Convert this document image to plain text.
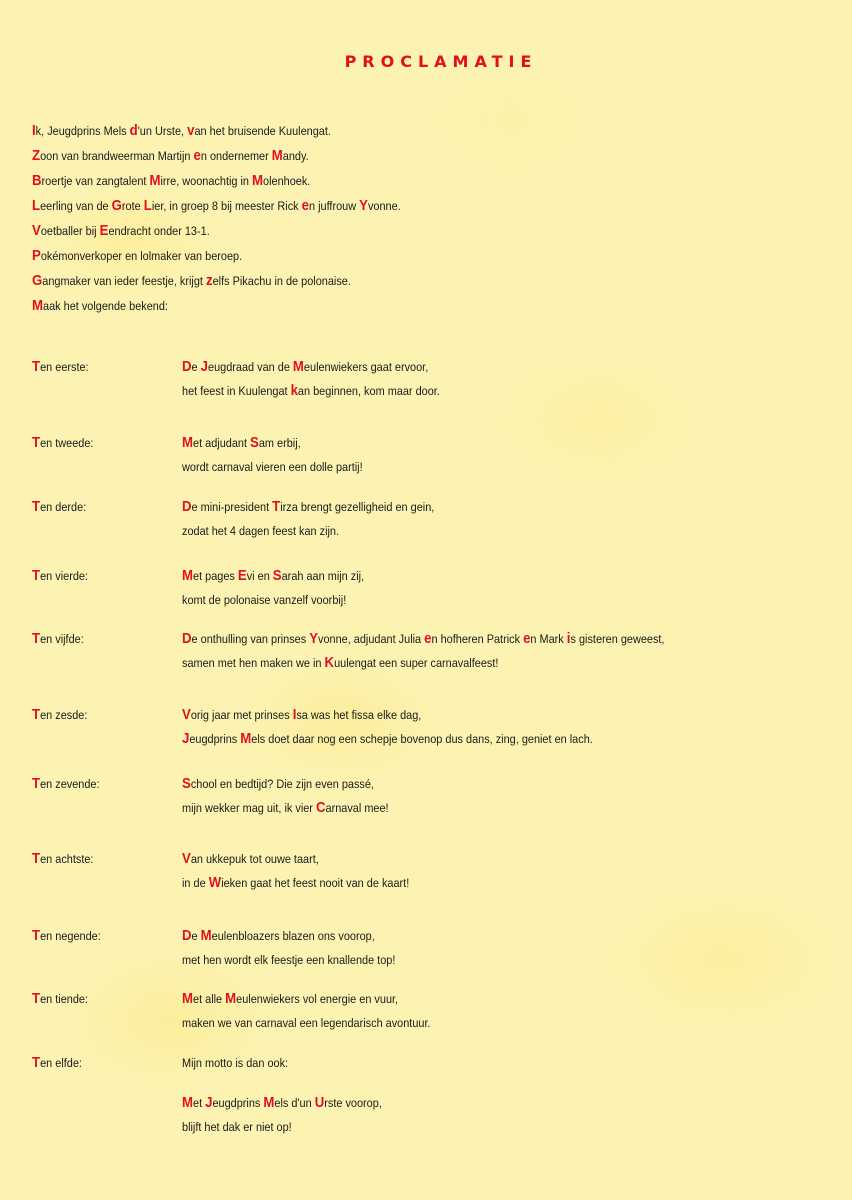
PROCLAMATIE
Ik, Jeugdprins Mels d'un Urste, van het bruisende Kuulengat.
Zoon van brandweerman Martijn en ondernemer Mandy.
Broertje van zangtalent Mirre, woonachtig in Molenhoek.
Leerling van de Grote Lier, in groep 8 bij meester Rick en juffrouw Yvonne.
Voetballer bij Eendracht onder 13-1.
Pokémonverkoper en lolmaker van beroep.
Gangmaker van ieder feestje, krijgt zelfs Pikachu in de polonaise.
Maak het volgende bekend:
Ten eerste:	De Jeugdraad van de Meulenwiekers gaat ervoor,
het feest in Kuulengat kan beginnen, kom maar door.
Ten tweede:	Met adjudant Sam erbij,
wordt carnaval vieren een dolle partij!
Ten derde:	De mini-president Tirza brengt gezelligheid en gein,
zodat het 4 dagen feest kan zijn.
Ten vierde:	Met pages Evi en Sarah aan mijn zij,
komt de polonaise vanzelf voorbij!
Ten vijfde:	De onthulling van prinses Yvonne, adjudant Julia en hofheren Patrick en Mark is gisteren geweest,
samen met hen maken we in Kuulengat een super carnavalfeest!
Ten zesde:	Vorig jaar met prinses Isa was het fissa elke dag,
Jeugdprins Mels doet daar nog een schepje bovenop dus dans, zing, geniet en lach.
Ten zevende:	School en bedtijd? Die zijn even passé,
mijn wekker mag uit, ik vier Carnaval mee!
Ten achtste:	Van ukkepuk tot ouwe taart,
in de Wieken gaat het feest nooit van de kaart!
Ten negende:	De Meulenbloazers blazen ons voorop,
met hen wordt elk feestje een knallende top!
Ten tiende:	Met alle Meulenwiekers vol energie en vuur,
maken we van carnaval een legendarisch avontuur.
Ten elfde:	Mijn motto is dan ook:
Met Jeugdprins Mels d'un Urste voorop,
blijft het dak er niet op!
